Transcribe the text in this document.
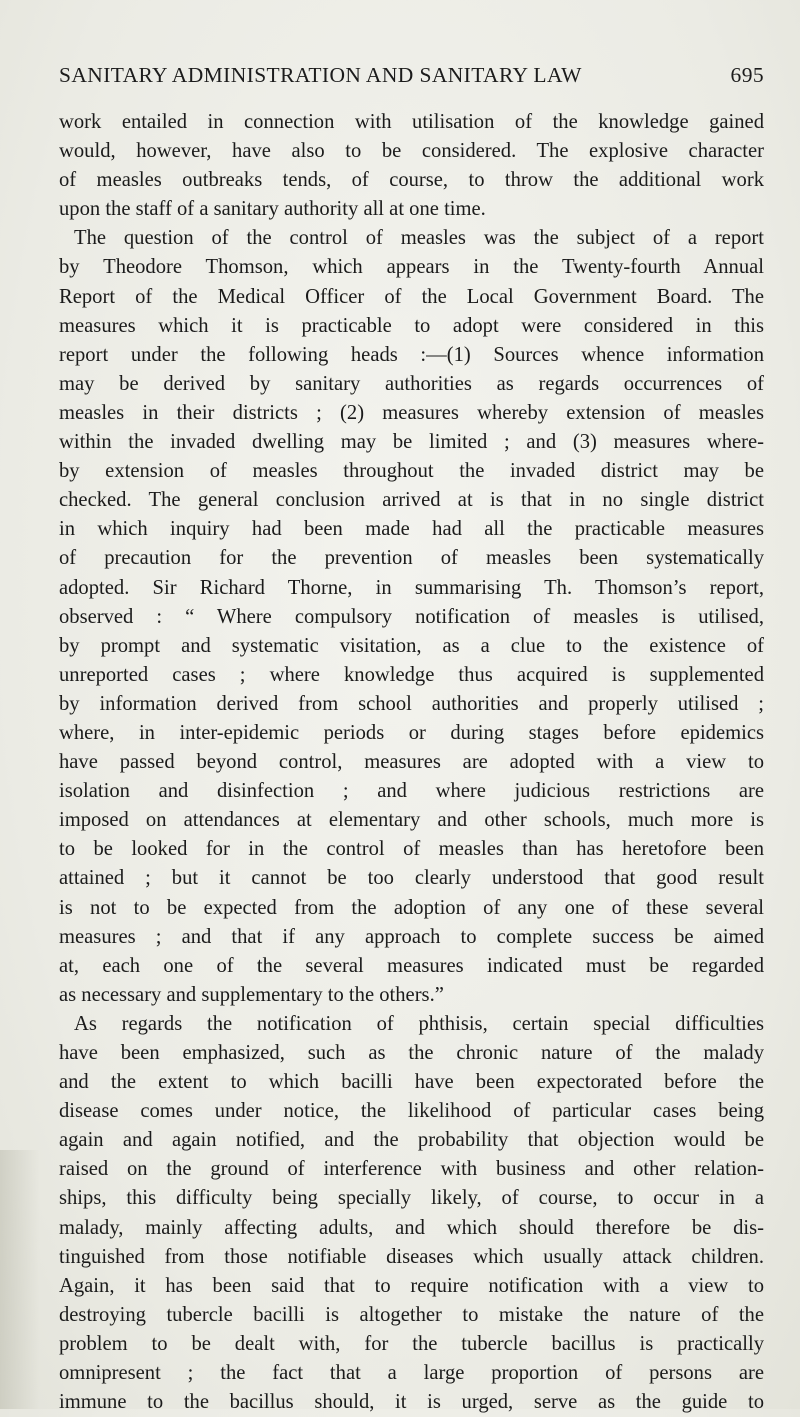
SANITARY ADMINISTRATION AND SANITARY LAW	695
work entailed in connection with utilisation of the knowledge gained
would, however, have also to be considered. The explosive character
of measles outbreaks tends, of course, to throw the additional work
upon the staff of a sanitary authority all at one time.
The question of the control of measles was the subject of a report
by Theodore Thomson, which appears in the Twenty-fourth Annual
Report of the Medical Officer of the Local Government Board. The
measures which it is practicable to adopt were considered in this
report under the following heads :—(1) Sources whence information
may be derived by sanitary authorities as regards occurrences of
measles in their districts ; (2) measures whereby extension of measles
within the invaded dwelling may be limited ; and (3) measures where-
by extension of measles throughout the invaded district may be
checked. The general conclusion arrived at is that in no single district
in which inquiry had been made had all the practicable measures
of precaution for the prevention of measles been systematically
adopted. Sir Richard Thorne, in summarising Th. Thomson’s report,
observed : “ Where compulsory notification of measles is utilised,
by prompt and systematic visitation, as a clue to the existence of
unreported cases ; where knowledge thus acquired is supplemented
by information derived from school authorities and properly utilised ;
where, in inter-epidemic periods or during stages before epidemics
have passed beyond control, measures are adopted with a view to
isolation and disinfection ; and where judicious restrictions are
imposed on attendances at elementary and other schools, much more is
to be looked for in the control of measles than has heretofore been
attained ; but it cannot be too clearly understood that good result
is not to be expected from the adoption of any one of these several
measures ; and that if any approach to complete success be aimed
at, each one of the several measures indicated must be regarded
as necessary and supplementary to the others.”
As regards the notification of phthisis, certain special difficulties
have been emphasized, such as the chronic nature of the malady
and the extent to which bacilli have been expectorated before the
disease comes under notice, the likelihood of particular cases being
again and again notified, and the probability that objection would be
raised on the ground of interference with business and other relation-
ships, this difficulty being specially likely, of course, to occur in a
malady, mainly affecting adults, and which should therefore be dis-
tinguished from those notifiable diseases which usually attack children.
Again, it has been said that to require notification with a view to
destroying tubercle bacilli is altogether to mistake the nature of the
problem to be dealt with, for the tubercle bacillus is practically
omnipresent ; the fact that a large proportion of persons are
immune to the bacillus should, it is urged, serve as the guide to
